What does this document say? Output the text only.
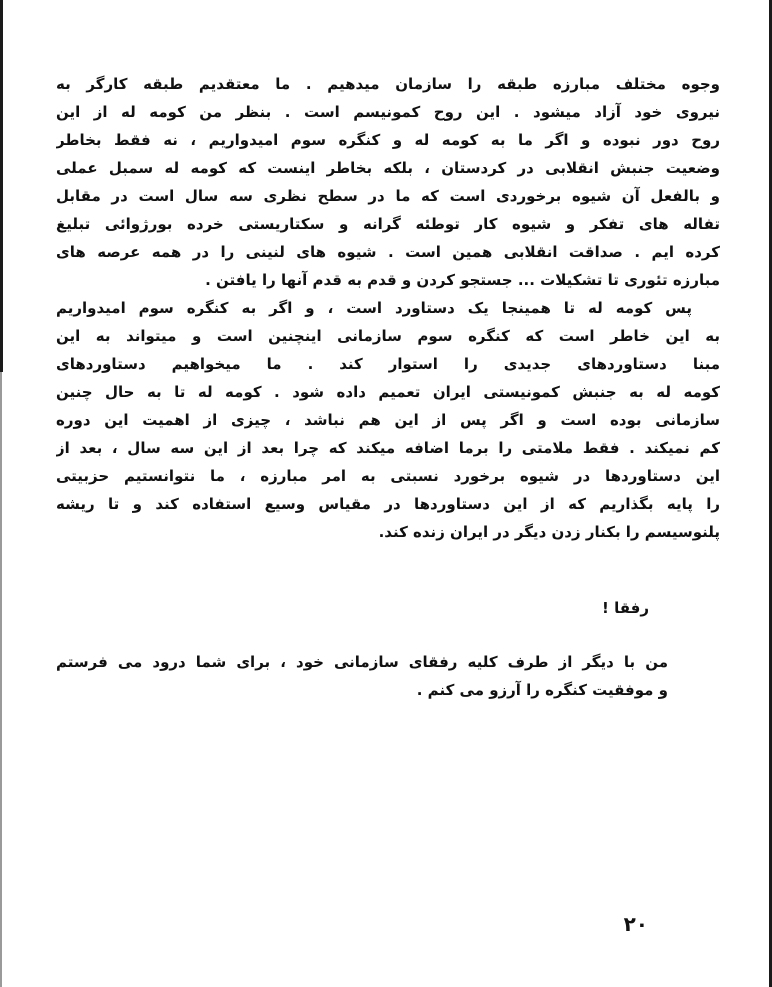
وجوه مختلف مبارزه طبقه را سازمان میدهیم . ما معتقدیم طبقه کارگر به
نیروی خود آزاد میشود . این روح کمونیسم است . بنظر من کومه له از این
روح دور نبوده و اگر ما به کومه له و کنگره سوم امیدواریم ، نه فقط بخاطر
وضعیت جنبش انقلابی در کردستان ، بلکه بخاطر اینست که کومه له سمبل عملی
و بالفعل آن شیوه برخوردی است که ما در سطح نظری سه سال است در مقابل
تفاله های تفکر و شیوه کار توطئه گرانه و سکتاریستی خرده بورژوائی تبلیغ
کرده ایم . صداقت انقلابی همین است . شیوه های لنینی را در همه عرصه های
مبارزه تئوری تا تشکیلات ... جستجو کردن و قدم به قدم آنها را یافتن .
پس کومه له تا همینجا یک دستاورد است ، و اگر به کنگره سوم امیدواریم
به این خاطر است که کنگره سوم سازمانی اینچنین است و میتواند به این
مبنا دستاوردهای جدیدی را استوار کند . ما میخواهیم دستاوردهای
کومه له به جنبش کمونیستی ایران تعمیم داده شود . کومه له تا به حال چنین
سازمانی بوده است و اگر پس از این هم نباشد ، چیزی از اهمیت این دوره
کم نمیکند . فقط ملامتی را برما اضافه میکند که چرا بعد از این سه سال ، بعد از
این دستاوردها در شیوه برخورد نسبتی به امر مبارزه ، ما نتوانستیم حزبیتی
را پایه بگذاریم که از این دستاوردها در مقیاس وسیع استفاده کند و تا ریشه
پلنوسیسم را بکنار زدن دیگر در ایران زنده کند.
رفقا !
من با دیگر از طرف کلیه رفقای سازمانی خود ، برای شما درود می فرستم
و موفقیت کنگره را آرزو می کنم .
۲۰
